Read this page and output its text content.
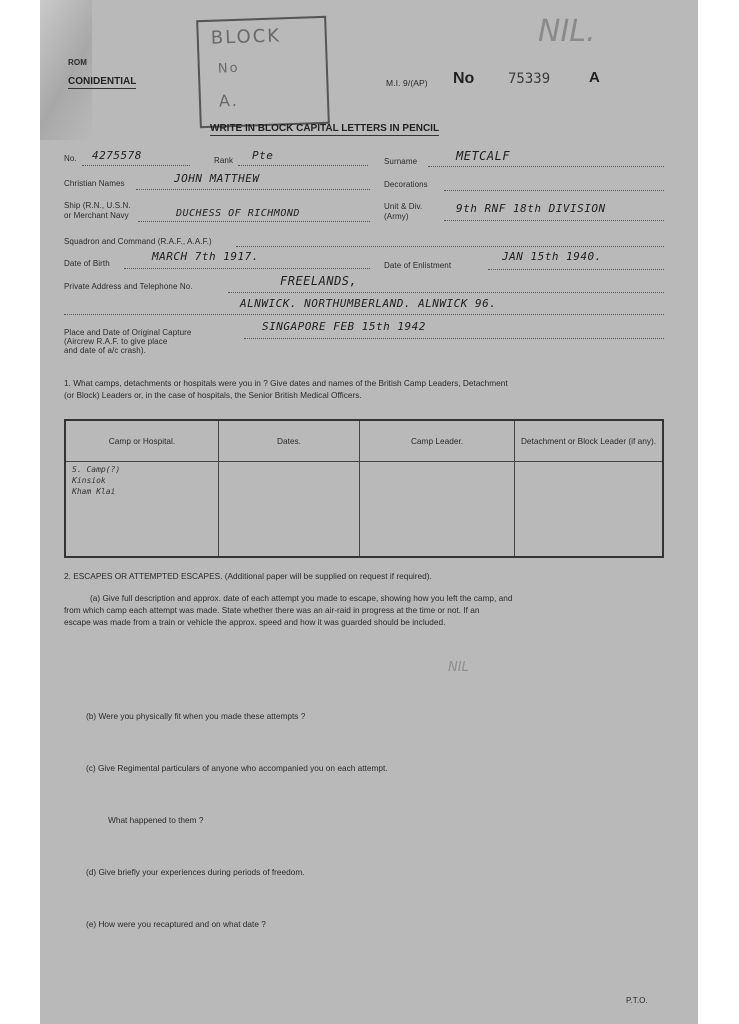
ROM
CONIDENTIAL
BLOCK
No
A.
NIL.
M.I. 9/(AP) No 75339	A
WRITE IN BLOCK CAPITAL LETTERS IN PENCIL
No. 4275578	Rank Pte	Surname	METCALF
Christian Names	JOHN MATTHEW	Decorations
Ship (R.N., U.S.N.
or Merchant Navy	DUCHESS OF RICHMOND
Unit & Div.
(Army)
9th RNF 18th DIVISION
Squadron and Command (R.A.F., A.A.F.)
Date of Birth
MARCH 7th 1917.
Date of Enlistment
JAN 15th 1940.
Private Address and Telephone No.	FREELANDS,
ALNWICK. NORTHUMBERLAND. ALNWICK 96.
Place and Date of Original Capture
(Aircrew R.A.F. to give place
and date of a/c crash).
SINGAPORE FEB 15th 1942
1. What camps, detachments or hospitals were you in ? Give dates and names of the British Camp Leaders, Detachment
(or Block) Leaders or, in the case of hospitals, the Senior British Medical Officers.
Camp or Hospital.	Dates.	Camp Leader.	Detachment or Block Leader (if any).

S. Camp(?)
Kinsiok
Kham Klai			

2. ESCAPES OR ATTEMPTED ESCAPES. (Additional paper will be supplied on request if required).
(a) Give full description and approx. date of each attempt you made to escape, showing how you left the camp, and
from which camp each attempt was made. State whether there was an air-raid in progress at the time or not. If an
escape was made from a train or vehicle the approx. speed and how it was guarded should be included.
NIL
(b) Were you physically fit when you made these attempts ?
(c) Give Regimental particulars of anyone who accompanied you on each attempt.
What happened to them ?
(d) Give briefly your experiences during periods of freedom.
(e) How were you recaptured and on what date ?
P.T.O.
